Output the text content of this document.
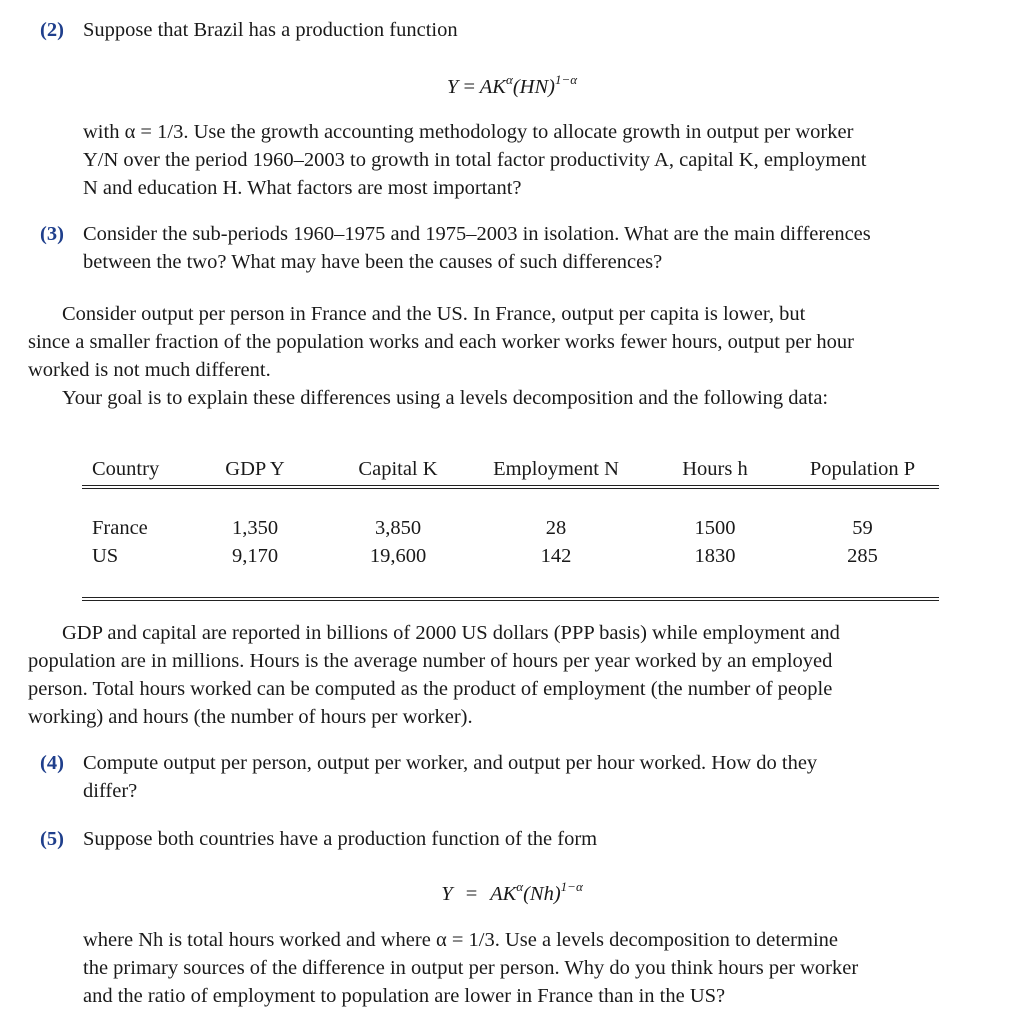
(2) Suppose that Brazil has a production function
$Y = AK^\alpha(HN)^{1-\alpha}$
with α = 1/3. Use the growth accounting methodology to allocate growth in output per worker
Y/N over the period 1960–2003 to growth in total factor productivity A, capital K, employment
N and education H. What factors are most important?
(3) Consider the sub-periods 1960–1975 and 1975–2003 in isolation. What are the main differences
between the two? What may have been the causes of such differences?
Consider output per person in France and the US. In France, output per capita is lower, but
since a smaller fraction of the population works and each worker works fewer hours, output per hour
worked is not much different.
Your goal is to explain these differences using a levels decomposition and the following data:
Country	GDP Y	Capital K	Employment N	Hours h	Population P
France	1,350	3,850	28	1500	59
US	9,170	19,600	142	1830	285
GDP and capital are reported in billions of 2000 US dollars (PPP basis) while employment and
population are in millions. Hours is the average number of hours per year worked by an employed
person. Total hours worked can be computed as the product of employment (the number of people
working) and hours (the number of hours per worker).
(4) Compute output per person, output per worker, and output per hour worked. How do they
differ?
(5) Suppose both countries have a production function of the form
$Y = AK^\alpha(Nh)^{1-\alpha}$
where Nh is total hours worked and where α = 1/3. Use a levels decomposition to determine
the primary sources of the difference in output per person. Why do you think hours per worker
and the ratio of employment to population are lower in France than in the US?
